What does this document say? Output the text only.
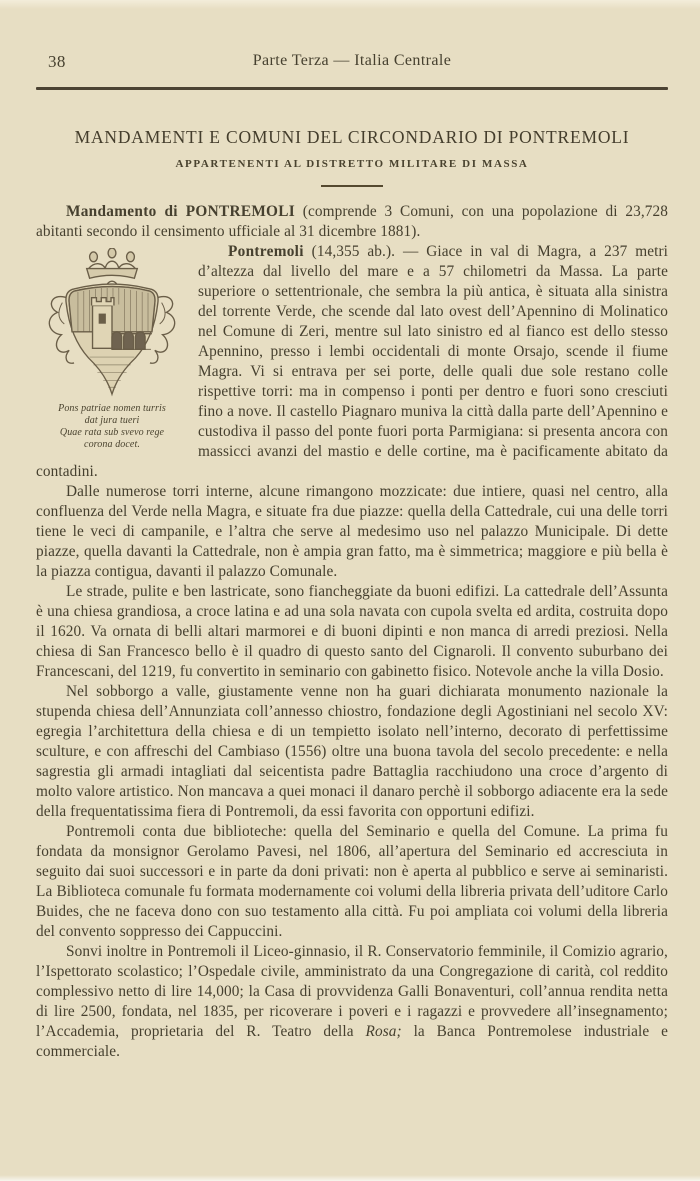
38	Parte Terza — Italia Centrale
MANDAMENTI E COMUNI DEL CIRCONDARIO DI PONTREMOLI
APPARTENENTI AL DISTRETTO MILITARE DI MASSA

Mandamento di PONTREMOLI (comprende 3 Comuni, con una popolazione di 23,728 abitanti secondo il censimento ufficiale al 31 dicembre 1881).

Pons patriae nomen turris
dat jura tueri
Quae rata sub svevo rege
corona docet.

Pontremoli (14,355 ab.). — Giace in val di Magra, a 237 metri d’altezza dal livello del mare e a 57 chilometri da Massa. La parte superiore o settentrionale, che sembra la più antica, è situata alla sinistra del torrente Verde, che scende dal lato ovest dell’Apennino di Molinatico nel Comune di Zeri, mentre sul lato sinistro ed al fianco est dello stesso Apennino, presso i lembi occidentali di monte Orsajo, scende il fiume Magra. Vi si entrava per sei porte, delle quali due sole restano colle rispettive torri: ma in compenso i ponti per dentro e fuori sono cresciuti fino a nove. Il castello Piagnaro muniva la città dalla parte dell’Apennino e custodiva il passo del ponte fuori porta Parmigiana: si presenta ancora con massicci avanzi del mastio e delle cortine, ma è pacificamente abitato da contadini.

Dalle numerose torri interne, alcune rimangono mozzicate: due intiere, quasi nel centro, alla confluenza del Verde nella Magra, e situate fra due piazze: quella della Cattedrale, cui una delle torri tiene le veci di campanile, e l’altra che serve al medesimo uso nel palazzo Municipale. Di dette piazze, quella davanti la Cattedrale, non è ampia gran fatto, ma è simmetrica; maggiore e più bella è la piazza contigua, davanti il palazzo Comunale.

Le strade, pulite e ben lastricate, sono fiancheggiate da buoni edifizi. La cattedrale dell’Assunta è una chiesa grandiosa, a croce latina e ad una sola navata con cupola svelta ed ardita, costruita dopo il 1620. Va ornata di belli altari marmorei e di buoni dipinti e non manca di arredi preziosi. Nella chiesa di San Francesco bello è il quadro di questo santo del Cignaroli. Il convento suburbano dei Francescani, del 1219, fu convertito in seminario con gabinetto fisico. Notevole anche la villa Dosio.

Nel sobborgo a valle, giustamente venne non ha guari dichiarata monumento nazionale la stupenda chiesa dell’Annunziata coll’annesso chiostro, fondazione degli Agostiniani nel secolo XV: egregia l’architettura della chiesa e di un tempietto isolato nell’interno, decorato di perfettissime sculture, e con affreschi del Cambiaso (1556) oltre una buona tavola del secolo precedente: e nella sagrestia gli armadi intagliati dal seicentista padre Battaglia racchiudono una croce d’argento di molto valore artistico. Non mancava a quei monaci il danaro perchè il sobborgo adiacente era la sede della frequentatissima fiera di Pontremoli, da essi favorita con opportuni edifizi.

Pontremoli conta due biblioteche: quella del Seminario e quella del Comune. La prima fu fondata da monsignor Gerolamo Pavesi, nel 1806, all’apertura del Seminario ed accresciuta in seguito dai suoi successori e in parte da doni privati: non è aperta al pubblico e serve ai seminaristi. La Biblioteca comunale fu formata modernamente coi volumi della libreria privata dell’uditore Carlo Buides, che ne faceva dono con suo testamento alla città. Fu poi ampliata coi volumi della libreria del convento soppresso dei Cappuccini.

Sonvi inoltre in Pontremoli il Liceo-ginnasio, il R. Conservatorio femminile, il Comizio agrario, l’Ispettorato scolastico; l’Ospedale civile, amministrato da una Congregazione di carità, col reddito complessivo netto di lire 14,000; la Casa di provvidenza Galli Bonaventuri, coll’annua rendita netta di lire 2500, fondata, nel 1835, per ricoverare i poveri e i ragazzi e provvedere all’insegnamento; l’Accademia, proprietaria del R. Teatro della Rosa; la Banca Pontremolese industriale e commerciale.
